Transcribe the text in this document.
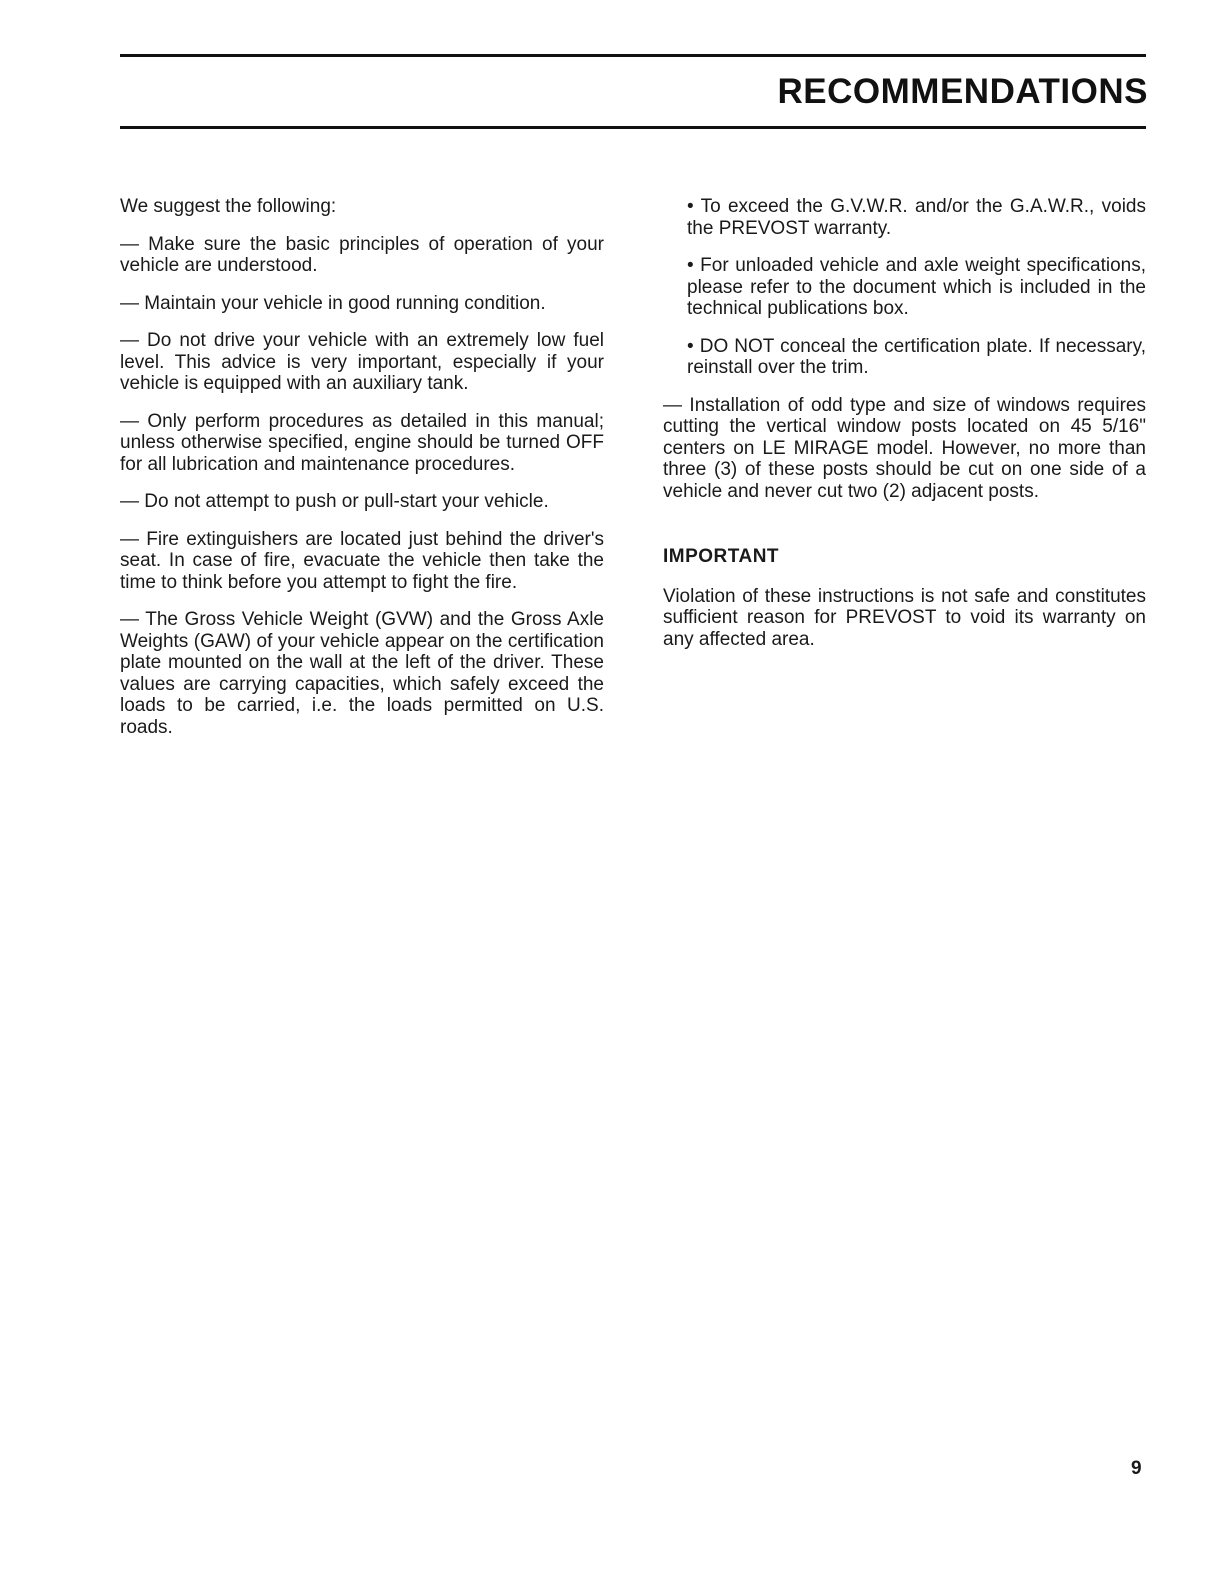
RECOMMENDATIONS

We suggest the following:

— Make sure the basic principles of operation of your vehicle are understood.

— Maintain your vehicle in good running condition.

— Do not drive your vehicle with an extremely low fuel level. This advice is very important, especially if your vehicle is equipped with an auxiliary tank.

— Only perform procedures as detailed in this manual; unless otherwise specified, engine should be turned OFF for all lubrication and maintenance procedures.

— Do not attempt to push or pull-start your vehicle.

— Fire extinguishers are located just behind the driver's seat. In case of fire, evacuate the vehicle then take the time to think before you attempt to fight the fire.

— The Gross Vehicle Weight (GVW) and the Gross Axle Weights (GAW) of your vehicle appear on the certification plate mounted on the wall at the left of the driver. These values are carrying capacities, which safely exceed the loads to be carried, i.e. the loads permitted on U.S. roads.

• To exceed the G.V.W.R. and/or the G.A.W.R., voids the PREVOST warranty.

• For unloaded vehicle and axle weight specifications, please refer to the document which is included in the technical publications box.

• DO NOT conceal the certification plate. If necessary, reinstall over the trim.

— Installation of odd type and size of windows requires cutting the vertical window posts located on 45 5/16" centers on LE MIRAGE model. However, no more than three (3) of these posts should be cut on one side of a vehicle and never cut two (2) adjacent posts.

IMPORTANT

Violation of these instructions is not safe and constitutes sufficient reason for PREVOST to void its warranty on any affected area.

9
